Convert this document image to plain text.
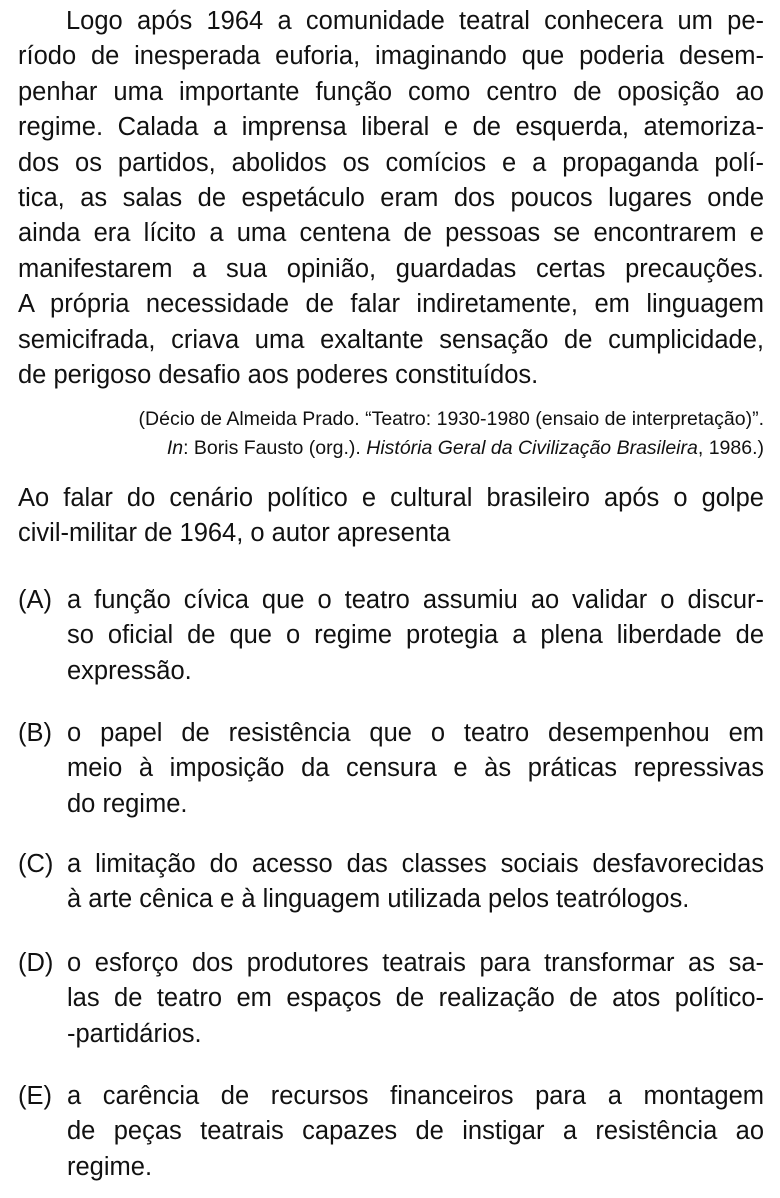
Logo após 1964 a comunidade teatral conhecera um pe-
ríodo de inesperada euforia, imaginando que poderia desem-
penhar uma importante função como centro de oposição ao
regime. Calada a imprensa liberal e de esquerda, atemoriza-
dos os partidos, abolidos os comícios e a propaganda polí-
tica, as salas de espetáculo eram dos poucos lugares onde
ainda era lícito a uma centena de pessoas se encontrarem e
manifestarem a sua opinião, guardadas certas precauções.
A própria necessidade de falar indiretamente, em linguagem
semicifrada, criava uma exaltante sensação de cumplicidade,
de perigoso desafio aos poderes constituídos.
(Décio de Almeida Prado. “Teatro: 1930-1980 (ensaio de interpretação)”.
In: Boris Fausto (org.). História Geral da Civilização Brasileira, 1986.)
Ao falar do cenário político e cultural brasileiro após o golpe
civil-militar de 1964, o autor apresenta
(A) a função cívica que o teatro assumiu ao validar o discur-
so oficial de que o regime protegia a plena liberdade de
expressão.
(B) o papel de resistência que o teatro desempenhou em
meio à imposição da censura e às práticas repressivas
do regime.
(C) a limitação do acesso das classes sociais desfavorecidas
à arte cênica e à linguagem utilizada pelos teatrólogos.
(D) o esforço dos produtores teatrais para transformar as sa-
las de teatro em espaços de realização de atos político-
-partidários.
(E) a carência de recursos financeiros para a montagem
de peças teatrais capazes de instigar a resistência ao
regime.
